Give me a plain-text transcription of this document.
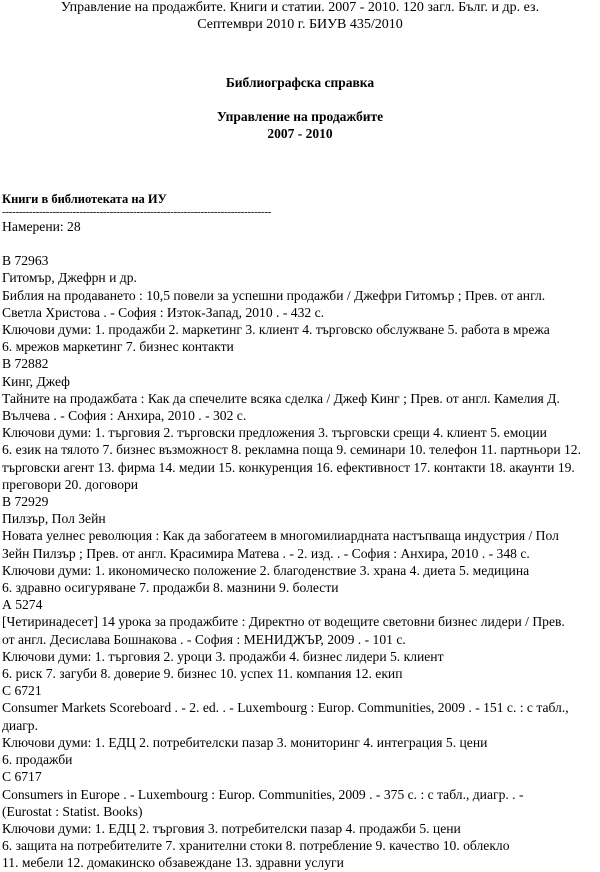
Управление на продажбите. Книги и статии. 2007 - 2010. 120 загл. Бълг. и др. ез.
Септември 2010 г. БИУВ 435/2010
Библиографска справка
Управление на продажбите
2007 - 2010
Книги в библиотеката на ИУ
--------------------------------------------------------------------------------
Намерени: 28
В 72963
Гитомър, Джефрн и др.
Библия на продаването : 10,5 повели за успешни продажби / Джефри Гитомър ; Прев. от англ.
Светла Христова . - София : Изток-Запад, 2010 . - 432 с.
Ключови думи: 1. продажби 2. маркетинг 3. клиент 4. търговско обслужване 5. работа в мрежа
6. мрежов маркетинг 7. бизнес контакти
В 72882
Кинг, Джеф
Тайните на продажбата : Как да спечелите всяка сделка / Джеф Кинг ; Прев. от англ. Камелия Д.
Вълчева . - София : Анхира, 2010 . - 302 с.
Ключови думи: 1. търговия 2. търговски предложения 3. търговски срещи 4. клиент 5. емоции
6. език на тялото 7. бизнес възможност 8. рекламна поща 9. семинари 10. телефон 11. партньори 12.
търговски агент 13. фирма 14. медии 15. конкуренция 16. ефективност 17. контакти 18. акаунти 19.
преговори 20. договори
В 72929
Пилзър, Пол Зейн
Новата уелнес революция : Как да забогатеем в многомилиардната настъпваща индустрия / Пол
Зейн Пилзър ; Прев. от англ. Красимира Матева . - 2. изд. . - София : Анхира, 2010 . - 348 с.
Ключови думи: 1. икономическо положение 2. благоденствие 3. храна 4. диета 5. медицина
6. здравно осигуряване 7. продажби 8. мазнини 9. болести
А 5274
[Четиринадесет] 14 урока за продажбите : Директно от водещите световни бизнес лидери / Прев.
от англ. Десислава Бошнакова . - София : МЕНИДЖЪР, 2009 . - 101 с.
Ключови думи: 1. търговия 2. уроци 3. продажби 4. бизнес лидери 5. клиент
6. риск 7. загуби 8. доверие 9. бизнес 10. успех 11. компания 12. екип
С 6721
Consumer Markets Scoreboard . - 2. ed. . - Luxembourg : Europ. Communities, 2009 . - 151 с. : с табл.,
диагр.
Ключови думи: 1. ЕДЦ 2. потребителски пазар 3. мониторинг 4. интеграция 5. цени
6. продажби
С 6717
Consumers in Europe . - Luxembourg : Europ. Communities, 2009 . - 375 с. : с табл., диагр. . -
(Eurostat : Statist. Books)
Ключови думи: 1. ЕДЦ 2. търговия 3. потребителски пазар 4. продажби 5. цени
6. защита на потребителите 7. хранителни стоки 8. потребление 9. качество 10. облекло
11. мебели 12. домакинско обзавеждане 13. здравни услуги
